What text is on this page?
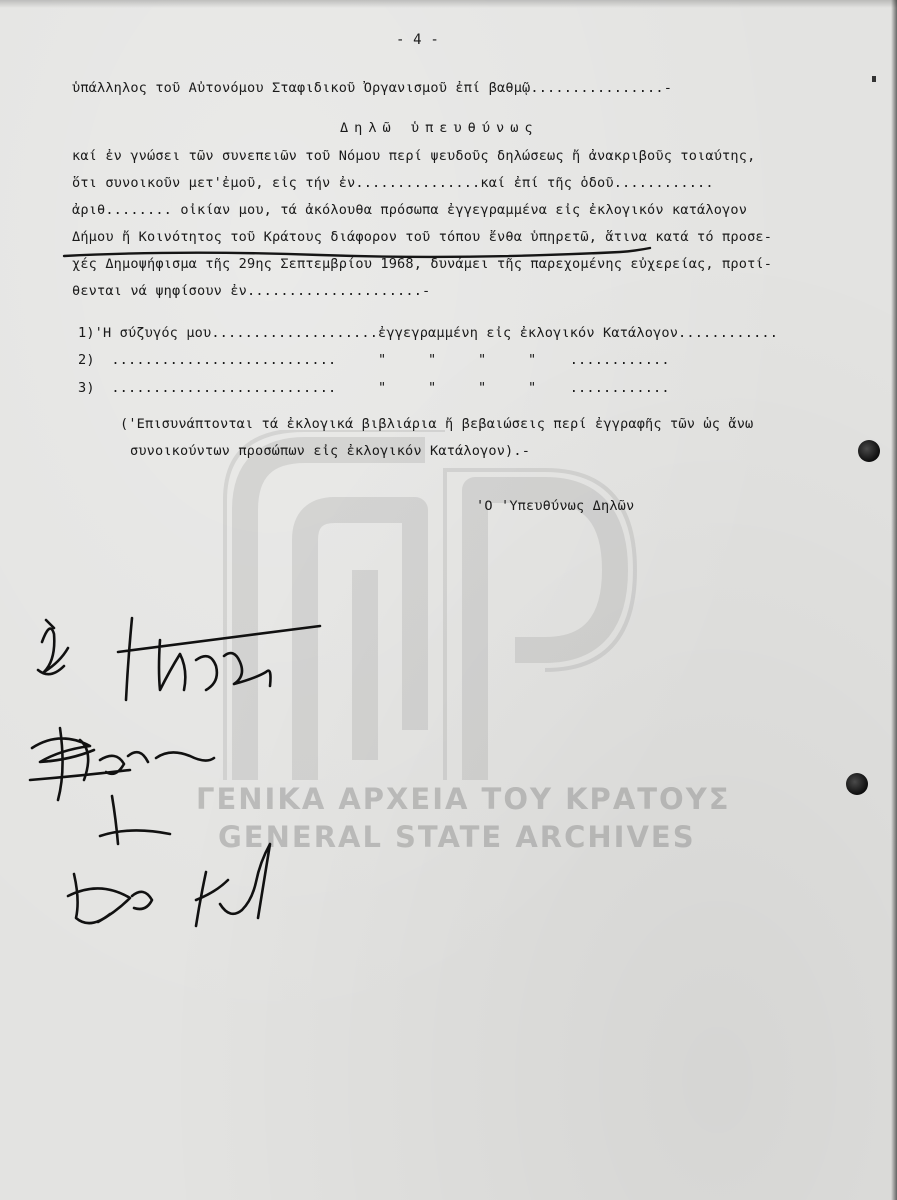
- 4 -
ὑπάλληλος τοῦ Αὐτονόμου Σταφιδικοῦ Ὀργανισμοῦ ἐπί βαθμῷ................-
Δηλῶ ὑπευθύνως
καί ἐν γνώσει τῶν συνεπειῶν τοῦ Νόμου περί ψευδοῦς δηλώσεως ἤ ἀνακριβοῦς τοιαύτης,
ὅτι συνοικοῦν μετ'ἐμοῦ, εἰς τήν ἐν...............καί ἐπί τῆς ὁδοῦ............
ἀριθ........ οἰκίαν μου, τά ἀκόλουθα πρόσωπα ἐγγεγραμμένα εἰς ἐκλογικόν κατάλογον
Δήμου ἤ Κοινότητος τοῦ Κράτους διάφορον τοῦ τόπου ἔνθα ὑπηρετῶ, ἅτινα κατά τό προσε-
χές Δημοψήφισμα τῆς 29ης Σεπτεμβρίου 1968, δυνάμει τῆς παρεχομένης εὐχερείας, προτί-
θενται νά ψηφίσουν ἐν.....................-
1)'Η σύζυγός μου....................ἐγγεγραμμένη εἰς ἐκλογικόν Κατάλογον............
2)  ...........................     "     "     "     "    ............
3)  ...........................     "     "     "     "    ............
('Επισυνάπτονται τά ἐκλογικά βιβλιάρια ἤ βεβαιώσεις περί ἐγγραφῆς τῶν ὡς ἄνω
συνοικούντων προσώπων εἰς ἐκλογικόν Κατάλογον).-
'Ο 'Υπευθύνως Δηλῶν
ΓΕΝΙΚΑ ΑΡΧΕΙΑ ΤΟΥ ΚΡΑΤΟΥΣ
GENERAL STATE ARCHIVES
